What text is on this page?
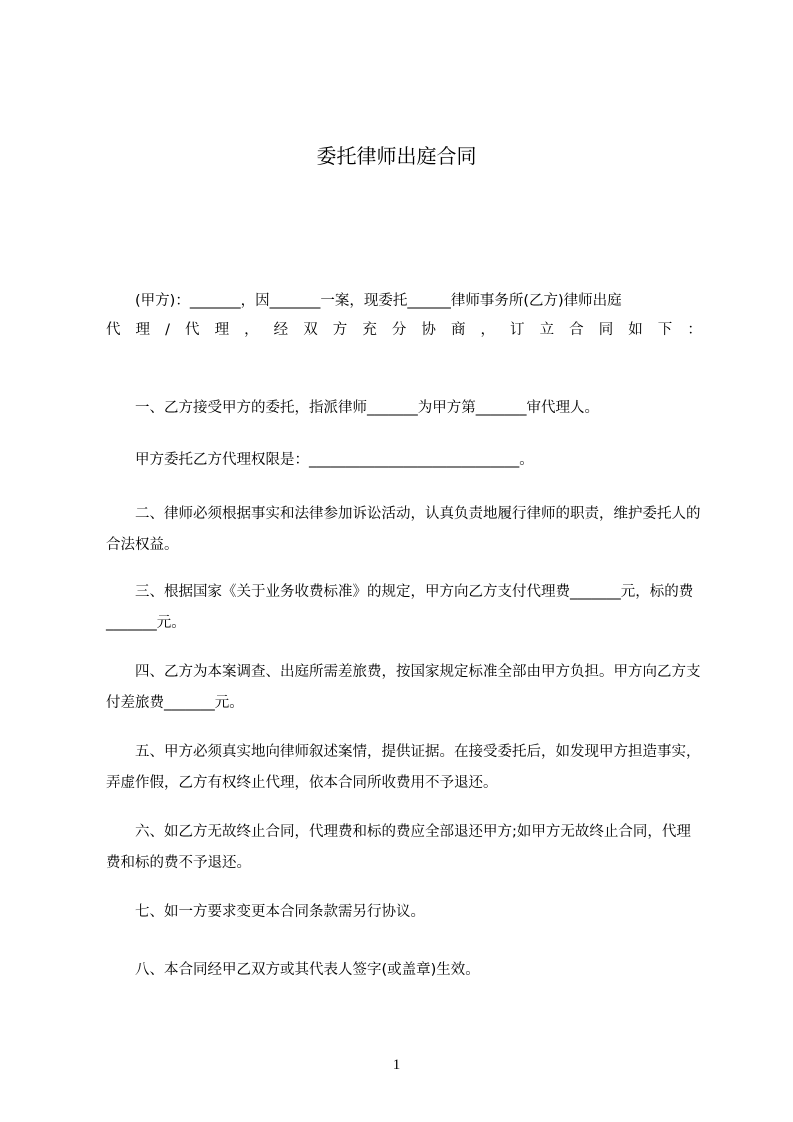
委托律师出庭合同

(甲方)：_______，因_______一案，现委托______律师事务所(乙方)律师出庭

代 理 / 代 理 ， 经 双 方 充 分 协 商 ， 订 立 合 同 如 下 ：

一、乙方接受甲方的委托，指派律师_______为甲方第_______审代理人。

甲方委托乙方代理权限是：_____________________________。

二、律师必须根据事实和法律参加诉讼活动，认真负责地履行律师的职责，维护委托人的合法权益。

三、根据国家《关于业务收费标准》的规定，甲方向乙方支付代理费_______元，标的费_______元。

四、乙方为本案调查、出庭所需差旅费，按国家规定标准全部由甲方负担。甲方向乙方支付差旅费_______元。

五、甲方必须真实地向律师叙述案情，提供证据。在接受委托后，如发现甲方担造事实，弄虚作假，乙方有权终止代理，依本合同所收费用不予退还。

六、如乙方无故终止合同，代理费和标的费应全部退还甲方;如甲方无故终止合同，代理费和标的费不予退还。

七、如一方要求变更本合同条款需另行协议。

八、本合同经甲乙双方或其代表人签字(或盖章)生效。

1
